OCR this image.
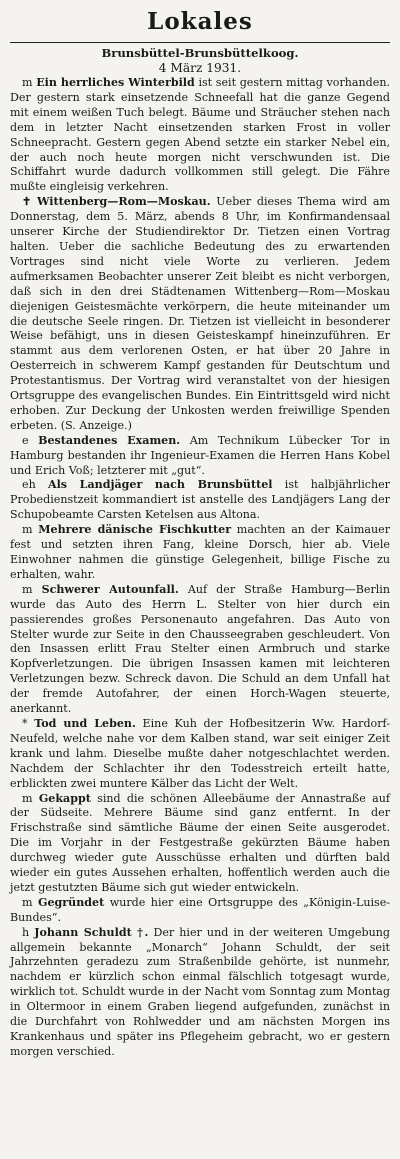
Lokales
Brunsbüttel-Brunsbüttelkoog.
4 März 1931.

m Ein herrliches Winterbild ist seit gestern mittag vorhanden. Der gestern stark einsetzende Schneefall hat die ganze Gegend mit einem weißen Tuch belegt. Bäume und Sträucher stehen nach dem in letzter Nacht einsetzenden starken Frost in voller Schneepracht. Gestern gegen Abend setzte ein starker Nebel ein, der auch noch heute morgen nicht verschwunden ist. Die Schiffahrt wurde dadurch vollkommen still gelegt. Die Fähre mußte eingleisig verkehren.

✝ Wittenberg—Rom—Moskau. Ueber dieses Thema wird am Donnerstag, dem 5. März, abends 8 Uhr, im Konfirmandensaal unserer Kirche der Studiendirektor Dr. Tietzen einen Vortrag halten. Ueber die sachliche Bedeutung des zu erwartenden Vortrages sind nicht viele Worte zu verlieren. Jedem aufmerksamen Beobachter unserer Zeit bleibt es nicht verborgen, daß sich in den drei Städtenamen Wittenberg—Rom—Moskau diejenigen Geistesmächte verkörpern, die heute miteinander um die deutsche Seele ringen. Dr. Tietzen ist vielleicht in besonderer Weise befähigt, uns in diesen Geisteskampf hineinzuführen. Er stammt aus dem verlorenen Osten, er hat über 20 Jahre in Oesterreich in schwerem Kampf gestanden für Deutschtum und Protestantismus. Der Vortrag wird veranstaltet von der hiesigen Ortsgruppe des evangelischen Bundes. Ein Eintrittsgeld wird nicht erhoben. Zur Deckung der Unkosten werden freiwillige Spenden erbeten. (S. Anzeige.)

e Bestandenes Examen. Am Technikum Lübecker Tor in Hamburg bestanden ihr Ingenieur-Examen die Herren Hans Kobel und Erich Voß; letzterer mit „gut“.

eh Als Landjäger nach Brunsbüttel ist halbjährlicher Probedienstzeit kommandiert ist anstelle des Landjägers Lang der Schupobeamte Carsten Ketelsen aus Altona.

m Mehrere dänische Fischkutter machten an der Kaimauer fest und setzten ihren Fang, kleine Dorsch, hier ab. Viele Einwohner nahmen die günstige Gelegenheit, billige Fische zu erhalten, wahr.

m Schwerer Autounfall. Auf der Straße Hamburg—Berlin wurde das Auto des Herrn L. Stelter von hier durch ein passierendes großes Personenauto angefahren. Das Auto von Stelter wurde zur Seite in den Chausseegraben geschleudert. Von den Insassen erlitt Frau Stelter einen Armbruch und starke Kopfverletzungen. Die übrigen Insassen kamen mit leichteren Verletzungen bezw. Schreck davon. Die Schuld an dem Unfall hat der fremde Autofahrer, der einen Horch-Wagen steuerte, anerkannt.

* Tod und Leben. Eine Kuh der Hofbesitzerin Ww. Hardorf-Neufeld, welche nahe vor dem Kalben stand, war seit einiger Zeit krank und lahm. Dieselbe mußte daher notgeschlachtet werden. Nachdem der Schlachter ihr den Todesstreich erteilt hatte, erblickten zwei muntere Kälber das Licht der Welt.

m Gekappt sind die schönen Alleebäume der Annastraße auf der Südseite. Mehrere Bäume sind ganz entfernt. In der Frischstraße sind sämtliche Bäume der einen Seite ausgerodet. Die im Vorjahr in der Festgestraße gekürzten Bäume haben durchweg wieder gute Ausschüsse erhalten und dürften bald wieder ein gutes Aussehen erhalten, hoffentlich werden auch die jetzt gestutzten Bäume sich gut wieder entwickeln.

m Gegründet wurde hier eine Ortsgruppe des „Königin-Luise-Bundes“.

h Johann Schuldt †. Der hier und in der weiteren Umgebung allgemein bekannte „Monarch“ Johann Schuldt, der seit Jahrzehnten geradezu zum Straßenbilde gehörte, ist nunmehr, nachdem er kürzlich schon einmal fälschlich totgesagt wurde, wirklich tot. Schuldt wurde in der Nacht vom Sonntag zum Montag in Oltermoor in einem Graben liegend aufgefunden, zunächst in die Durchfahrt von Rohlwedder und am nächsten Morgen ins Krankenhaus und später ins Pflegeheim gebracht, wo er gestern morgen verschied.
